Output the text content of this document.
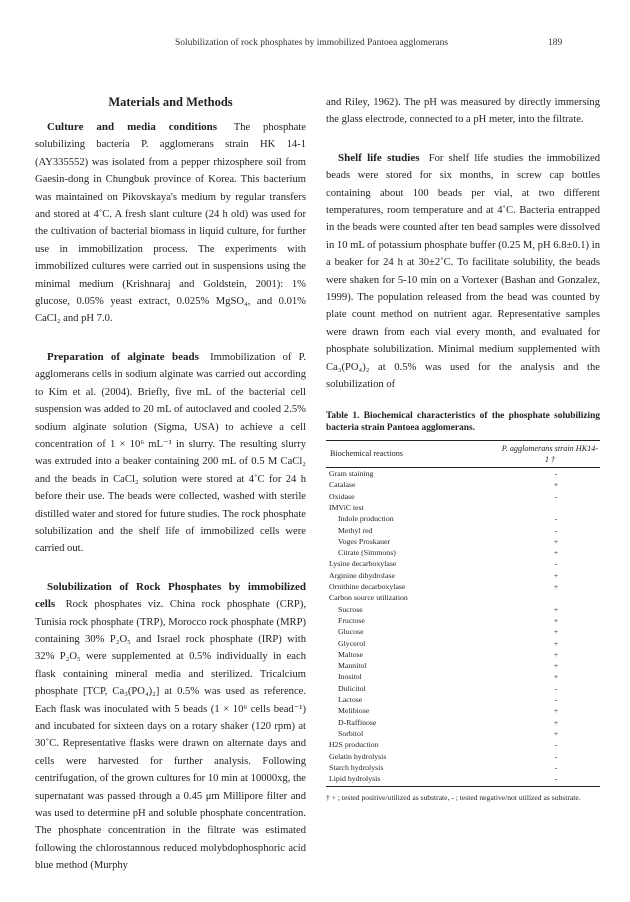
Solubilization of rock phosphates by immobilized Pantoea agglomerans	189
Materials and Methods

Culture and media conditions The phosphate solubilizing bacteria P. agglomerans strain HK 14-1 (AY335552) was isolated from a pepper rhizosphere soil from Gaesin-dong in Chungbuk province of Korea. This bacterium was maintained on Pikovskaya's medium by regular transfers and stored at 4˚C. A fresh slant culture (24 h old) was used for the cultivation of bacterial biomass in liquid culture, for further use in immobilization process. The experiments with immobilized cultures were carried out in suspensions using the minimal medium (Krishnaraj and Goldstein, 2001): 1% glucose, 0.05% yeast extract, 0.025% MgSO₄, and 0.01% CaCl₂ and pH 7.0.

Preparation of alginate beads Immobilization of P. agglomerans cells in sodium alginate was carried out according to Kim et al. (2004). Briefly, five mL of the bacterial cell suspension was added to 20 mL of autoclaved and cooled 2.5% sodium alginate solution (Sigma, USA) to achieve a cell concentration of 1 × 10⁶ mL⁻¹ in slurry. The resulting slurry was extruded into a beaker containing 200 mL of 0.5 M CaCl₂ and the beads in CaCl₂ solution were stored at 4˚C for 24 h before their use. The beads were collected, washed with sterile distilled water and stored for future studies. The rock phosphate solubilization and the shelf life of immobilized cells were carried out.

Solubilization of Rock Phosphates by immobilized cells Rock phosphates viz. China rock phosphate (CRP), Tunisia rock phosphate (TRP), Morocco rock phosphate (MRP) containing 30% P₂O₅ and Israel rock phosphate (IRP) with 32% P₂O₅ were supplemented at 0.5% individually in each flask containing mineral media and sterilized. Tricalcium phosphate [TCP, Ca₃(PO₄)₂] at 0.5% was used as reference. Each flask was inoculated with 5 beads (1 × 10⁶ cells bead⁻¹) and incubated for sixteen days on a rotary shaker (120 rpm) at 30˚C. Representative flasks were drawn on alternate days and cells were harvested for further analysis. Following centrifugation, of the grown cultures for 10 min at 10000xg, the supernatant was passed through a 0.45 μm Millipore filter and was used to determine pH and soluble phosphate concentration. The phosphate concentration in the filtrate was estimated following the chlorostannous reduced molybdophosphoric acid blue method (Murphy

and Riley, 1962). The pH was measured by directly immersing the glass electrode, connected to a pH meter, into the filtrate.

Shelf life studies For shelf life studies the immobilized beads were stored for six months, in screw cap bottles containing about 100 beads per vial, at two different temperatures, room temperature and at 4˚C. Bacteria entrapped in the beads were counted after ten bead samples were dissolved in 10 mL of potassium phosphate buffer (0.25 M, pH 6.8±0.1) in a beaker for 24 h at 30±2˚C. To facilitate solubility, the beads were shaken for 5-10 min on a Vortexer (Bashan and Gonzalez, 1999). The population released from the bead was counted by plate count method on nutrient agar. Representative samples were drawn from each vial every month, and evaluated for phosphate solubilization. Minimal medium supplemented with Ca₃(PO₄)₂ at 0.5% was used for the analysis and the solubilization of

Table 1. Biochemical characteristics of the phosphate solubilizing bacteria strain Pantoea agglomerans.
Biochemical reactions	P. agglomerans strain HK14-1 †
Gram staining	-
Catalase	+
Oxidase	-
IMViC test	
Indole production	-
Methyl red	-
Voges Proskauer	+
Citrate (Simmons)	+
Lysine decarboxylase	-
Arginine dihydrolase	+
Ornithine decarboxylase	+
Carbon source utilization	
Sucrose	+
Fructose	+
Glucose	+
Glycerol	+
Maltose	+
Mannitol	+
Inositol	+
Dulicitol	-
Lactose	-
Melibiose	+
D-Raffinose	+
Sorbitol	+
H2S production	-
Gelatin hydrolysis	-
Starch hydrolysis	-
Lipid hydrolysis	-
† + ; tested positive/utilized as substrate, - ; tested negative/not utilized as substrate.
